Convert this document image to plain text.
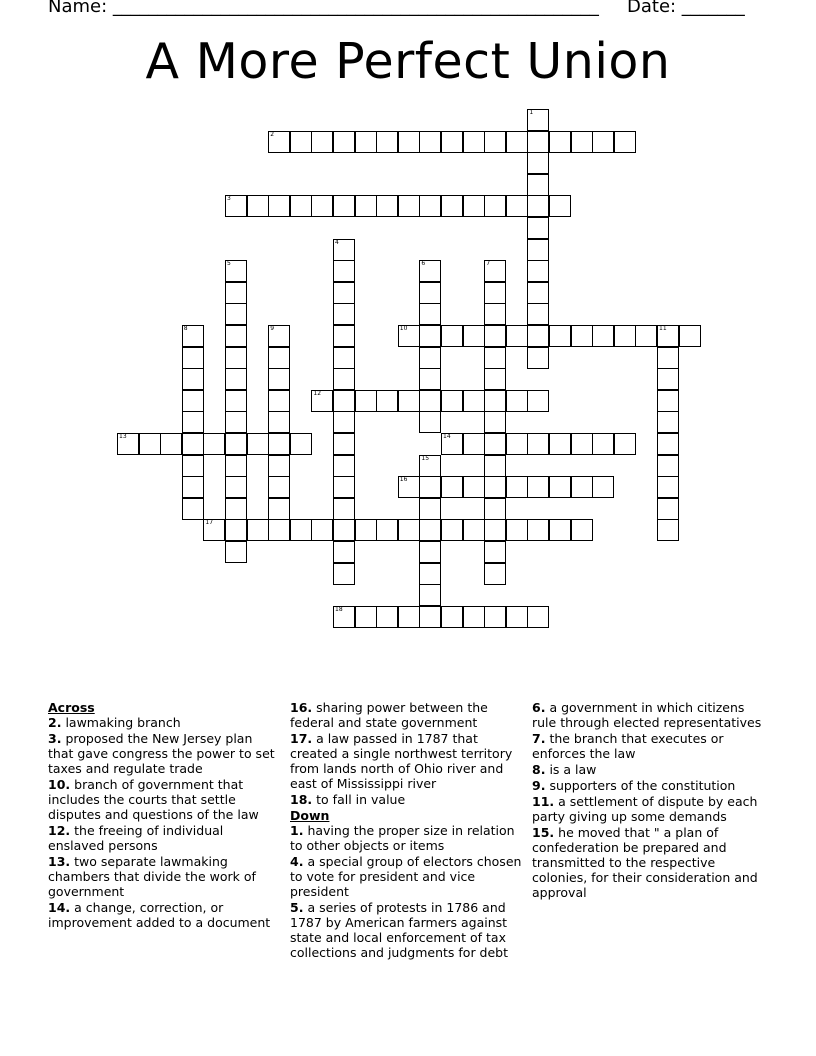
Name: ______________________________________________________ Date: _______
A More Perfect Union
1
2
3
4
5	6	7
8	9	10	11
12
13	14
15
16
17
18
Across
2. lawmaking branch
3. proposed the New Jersey plan that gave congress the power to set taxes and regulate trade
10. branch of government that includes the courts that settle disputes and questions of the law
12. the freeing of individual enslaved persons
13. two separate lawmaking chambers that divide the work of government
14. a change, correction, or improvement added to a document
16. sharing power between the federal and state government
17. a law passed in 1787 that created a single northwest territory from lands north of Ohio river and east of Mississippi river
18. to fall in value
Down
1. having the proper size in relation to other objects or items
4. a special group of electors chosen to vote for president and vice president
5. a series of protests in 1786 and 1787 by American farmers against state and local enforcement of tax collections and judgments for debt
6. a government in which citizens rule through elected representatives
7. the branch that executes or enforces the law
8. is a law
9. supporters of the constitution
11. a settlement of dispute by each party giving up some demands
15. he moved that " a plan of confederation be prepared and transmitted to the respective colonies, for their consideration and approval
